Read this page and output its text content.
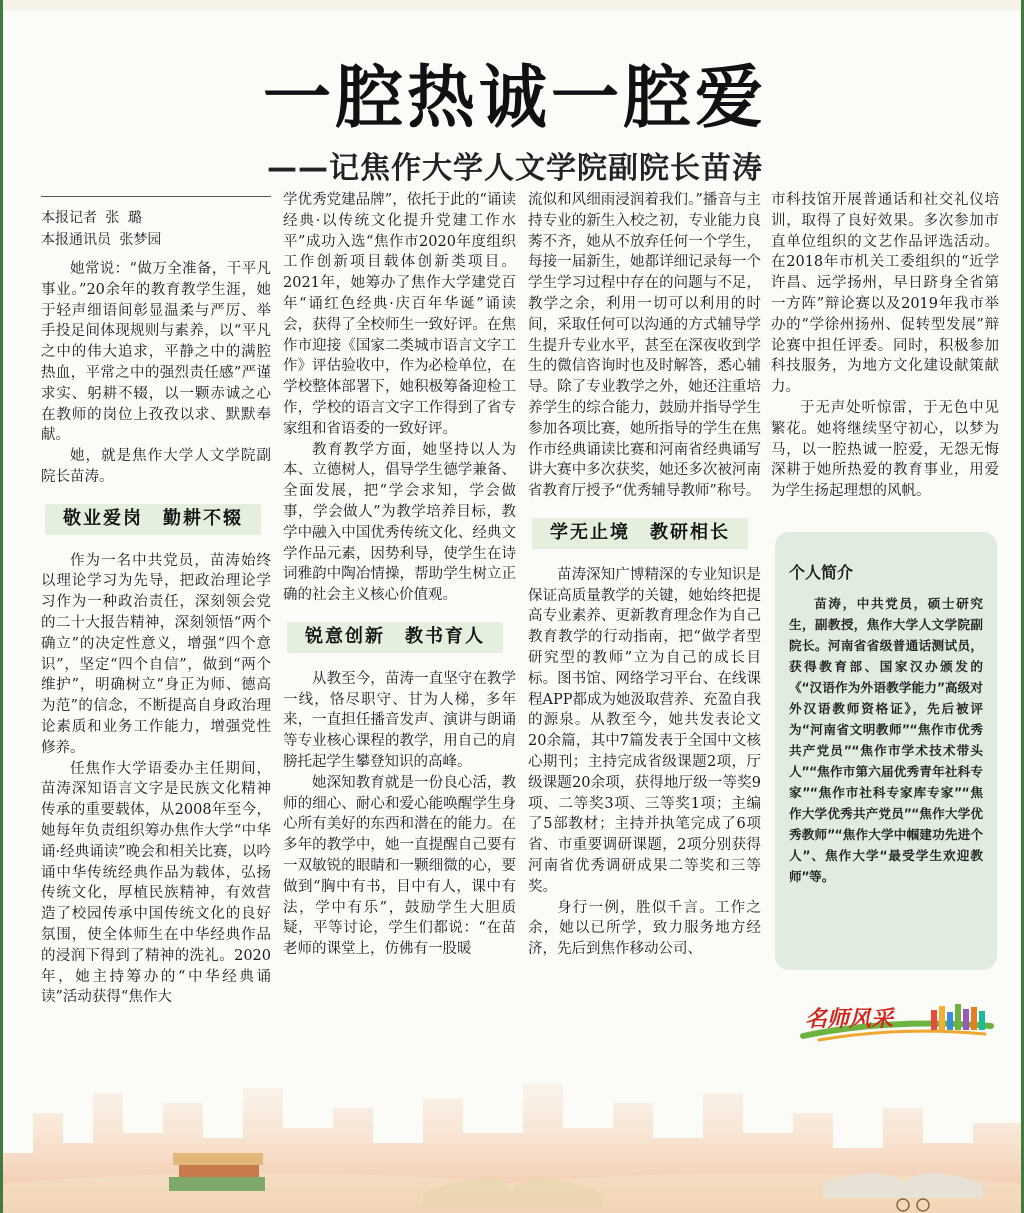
一腔热诚一腔爱
——记焦作大学人文学院副院长苗涛
本报记者 张 璐
本报通讯员 张梦园

她常说：“做万全准备，干平凡事业。”20余年的教育教学生涯，她于轻声细语间彰显温柔与严厉、举手投足间体现规则与素养，以“平凡之中的伟大追求，平静之中的满腔热血，平常之中的强烈责任感”严谨求实、躬耕不辍，以一颗赤诚之心在教师的岗位上孜孜以求、默默奉献。

她，就是焦作大学人文学院副院长苗涛。

敬业爱岗　勤耕不辍

作为一名中共党员，苗涛始终以理论学习为先导，把政治理论学习作为一种政治责任，深刻领会党的二十大报告精神，深刻领悟“两个确立”的决定性意义，增强“四个意识”，坚定“四个自信”，做到“两个维护”，明确树立“身正为师、德高为范”的信念，不断提高自身政治理论素质和业务工作能力，增强党性修养。

任焦作大学语委办主任期间，苗涛深知语言文字是民族文化精神传承的重要载体，从2008年至今，她每年负责组织筹办焦作大学“中华诵·经典诵读”晚会和相关比赛，以吟诵中华传统经典作品为载体，弘扬传统文化，厚植民族精神，有效营造了校园传承中国传统文化的良好氛围，使全体师生在中华经典作品的浸润下得到了精神的洗礼。2020年，她主持筹办的“中华经典诵读”活动获得“焦作大

学优秀党建品牌”，依托于此的“诵读经典·以传统文化提升党建工作水平”成功入选“焦作市2020年度组织工作创新项目载体创新类项目。2021年，她筹办了焦作大学建党百年“诵红色经典·庆百年华诞”诵读会，获得了全校师生一致好评。在焦作市迎接《国家二类城市语言文字工作》评估验收中，作为必检单位，在学校整体部署下，她积极筹备迎检工作，学校的语言文字工作得到了省专家组和省语委的一致好评。

教育教学方面，她坚持以人为本、立德树人，倡导学生德学兼备、全面发展，把“学会求知，学会做事，学会做人”为教学培养目标，教学中融入中国优秀传统文化、经典文学作品元素，因势利导，使学生在诗词雅韵中陶冶情操，帮助学生树立正确的社会主义核心价值观。

锐意创新　教书育人

从教至今，苗涛一直坚守在教学一线，恪尽职守、甘为人梯，多年来，一直担任播音发声、演讲与朗诵等专业核心课程的教学，用自己的肩膀托起学生攀登知识的高峰。

她深知教育就是一份良心活，教师的细心、耐心和爱心能唤醒学生身心所有美好的东西和潜在的能力。在多年的教学中，她一直提醒自己要有一双敏锐的眼睛和一颗细微的心，要做到“胸中有书，目中有人，课中有法，学中有乐”，鼓励学生大胆质疑，平等讨论，学生们都说：“在苗老师的课堂上，仿佛有一股暖

流似和风细雨浸润着我们。”播音与主持专业的新生入校之初，专业能力良莠不齐，她从不放弃任何一个学生，每接一届新生，她都详细记录每一个学生学习过程中存在的问题与不足，教学之余，利用一切可以利用的时间，采取任何可以沟通的方式辅导学生提升专业水平，甚至在深夜收到学生的微信咨询时也及时解答，悉心辅导。除了专业教学之外，她还注重培养学生的综合能力，鼓励并指导学生参加各项比赛，她所指导的学生在焦作市经典诵读比赛和河南省经典诵写讲大赛中多次获奖，她还多次被河南省教育厅授予“优秀辅导教师”称号。

学无止境　教研相长

苗涛深知广博精深的专业知识是保证高质量教学的关键，她始终把提高专业素养、更新教育理念作为自己教育教学的行动指南，把“做学者型研究型的教师”立为自己的成长目标。图书馆、网络学习平台、在线课程APP都成为她汲取营养、充盈自我的源泉。从教至今，她共发表论文20余篇，其中7篇发表于全国中文核心期刊；主持完成省级课题2项，厅级课题20余项，获得地厅级一等奖9项、二等奖3项、三等奖1项；主编了5部教材；主持并执笔完成了6项省、市重要调研课题，2项分别获得河南省优秀调研成果二等奖和三等奖。

身行一例，胜似千言。工作之余，她以已所学，致力服务地方经济，先后到焦作移动公司、

市科技馆开展普通话和社交礼仪培训，取得了良好效果。多次参加市直单位组织的文艺作品评选活动。在2018年市机关工委组织的“近学许昌、远学扬州，早日跻身全省第一方阵”辩论赛以及2019年我市举办的“学徐州扬州、促转型发展”辩论赛中担任评委。同时，积极参加科技服务，为地方文化建设献策献力。

于无声处听惊雷，于无色中见繁花。她将继续坚守初心，以梦为马，以一腔热诚一腔爱，无怨无悔深耕于她所热爱的教育事业，用爱为学生扬起理想的风帆。

个人简介
苗涛，中共党员，硕士研究生，副教授，焦作大学人文学院副院长。河南省省级普通话测试员，获得教育部、国家汉办颁发的《“汉语作为外语教学能力”高级对外汉语教师资格证》，先后被评为“河南省文明教师”“焦作市优秀共产党员”“焦作市学术技术带头人”“焦作市第六届优秀青年社科专家”“焦作市社科专家库专家”“焦作大学优秀共产党员”“焦作大学优秀教师”“焦作大学中帼建功先进个人”、焦作大学“最受学生欢迎教师”等。
名师风采
